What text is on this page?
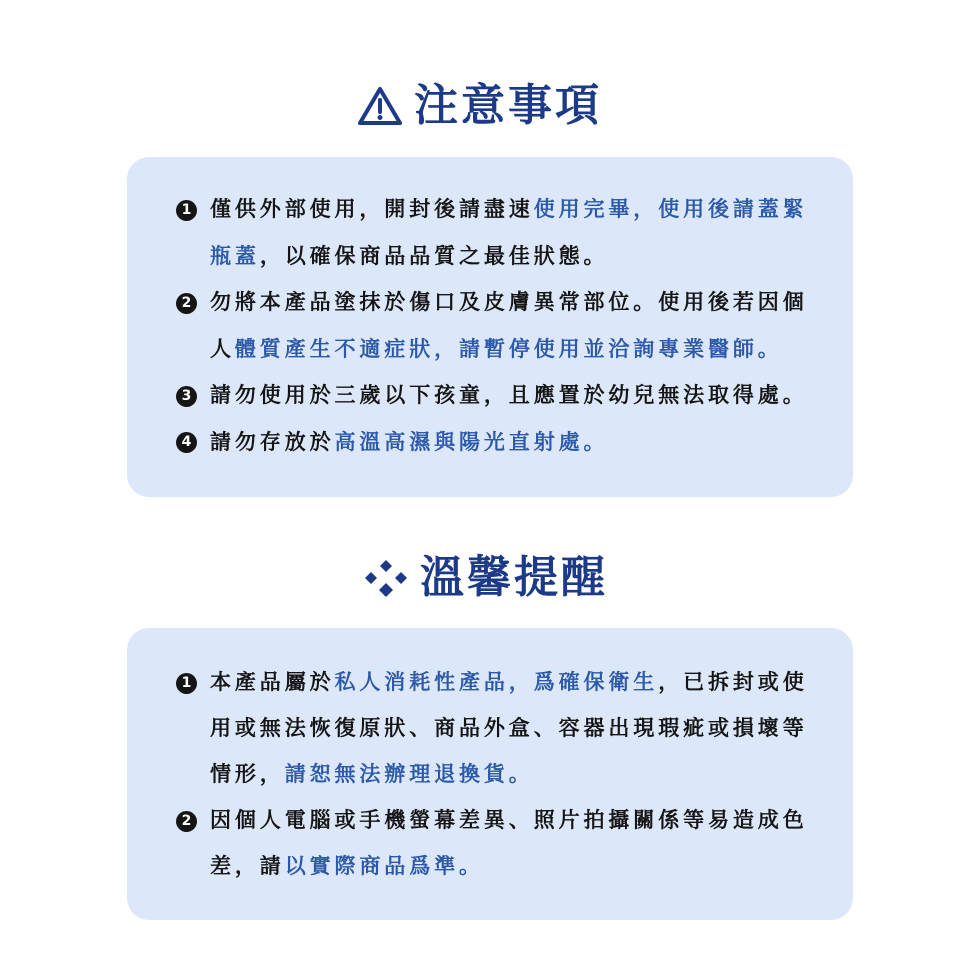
注意事項
1 僅供外部使用，開封後請盡速使用完畢，使用後請蓋緊
瓶蓋，以確保商品品質之最佳狀態。
2 勿將本產品塗抹於傷口及皮膚異常部位。使用後若因個
人體質產生不適症狀，請暫停使用並洽詢專業醫師。
3 請勿使用於三歲以下孩童，且應置於幼兒無法取得處。
4 請勿存放於高溫高濕與陽光直射處。
溫馨提醒
1 本產品屬於私人消耗性產品，爲確保衛生，已拆封或使
用或無法恢復原狀、商品外盒、容器出現瑕疵或損壞等
情形，請恕無法辦理退換貨。
2 因個人電腦或手機螢幕差異、照片拍攝關係等易造成色
差，請以實際商品爲準。
